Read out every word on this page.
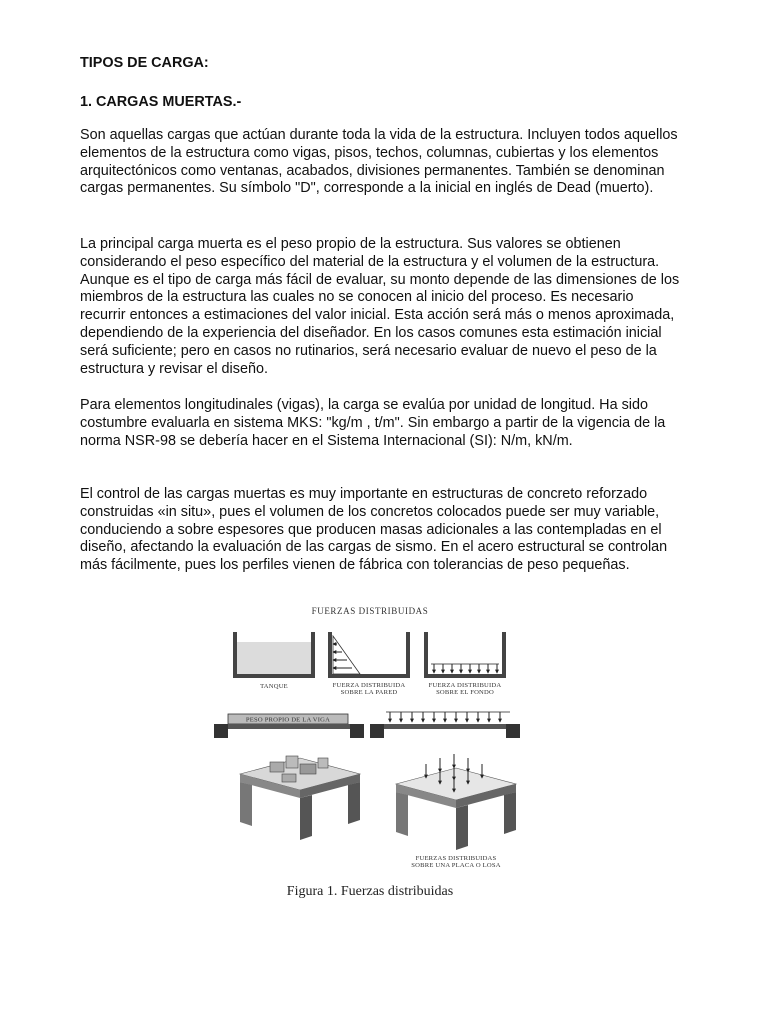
TIPOS DE CARGA:
1. CARGAS MUERTAS.-

Son aquellas cargas que actúan durante toda la vida de la estructura. Incluyen todos aquellos elementos de la estructura como vigas, pisos, techos, columnas, cubiertas y los elementos arquitectónicos como ventanas, acabados, divisiones permanentes. También se denominan cargas permanentes. Su símbolo "D", corresponde a la inicial en inglés de Dead (muerto).

La principal carga muerta es el peso propio de la estructura. Sus valores se obtienen considerando el peso específico del material de la estructura y el volumen de la estructura. Aunque es el tipo de carga más fácil de evaluar, su monto depende de las dimensiones de los miembros de la estructura las cuales no se conocen al inicio del proceso. Es necesario recurrir entonces a estimaciones del valor inicial. Esta acción será más o menos aproximada, dependiendo de la experiencia del diseñador. En los casos comunes esta estimación inicial será suficiente; pero en casos no rutinarios, será necesario evaluar de nuevo el peso de la estructura y revisar el diseño.

Para elementos longitudinales (vigas), la carga se evalúa por unidad de longitud. Ha sido costumbre evaluarla en sistema MKS: "kg/m , t/m". Sin embargo a partir de la vigencia de la norma NSR-98 se debería hacer en el Sistema Internacional (SI): N/m, kN/m.

El control de las cargas muertas es muy importante en estructuras de concreto reforzado construidas «in situ», pues el volumen de los concretos colocados puede ser muy variable, conduciendo a sobre espesores que producen masas adicionales a las contempladas en el diseño, afectando la evaluación de las cargas de sismo. En el acero estructural se controlan más fácilmente, pues los perfiles vienen de fábrica con tolerancias de peso pequeñas.

FUERZAS DISTRIBUIDAS
TANQUE	FUERZA DISTRIBUIDA
SOBRE LA PARED
FUERZA DISTRIBUIDA
SOBRE EL FONDO
PESO PROPIO DE LA VIGA
FUERZAS DISTRIBUIDAS
SOBRE UNA PLACA O LOSA
Figura 1. Fuerzas distribuidas
